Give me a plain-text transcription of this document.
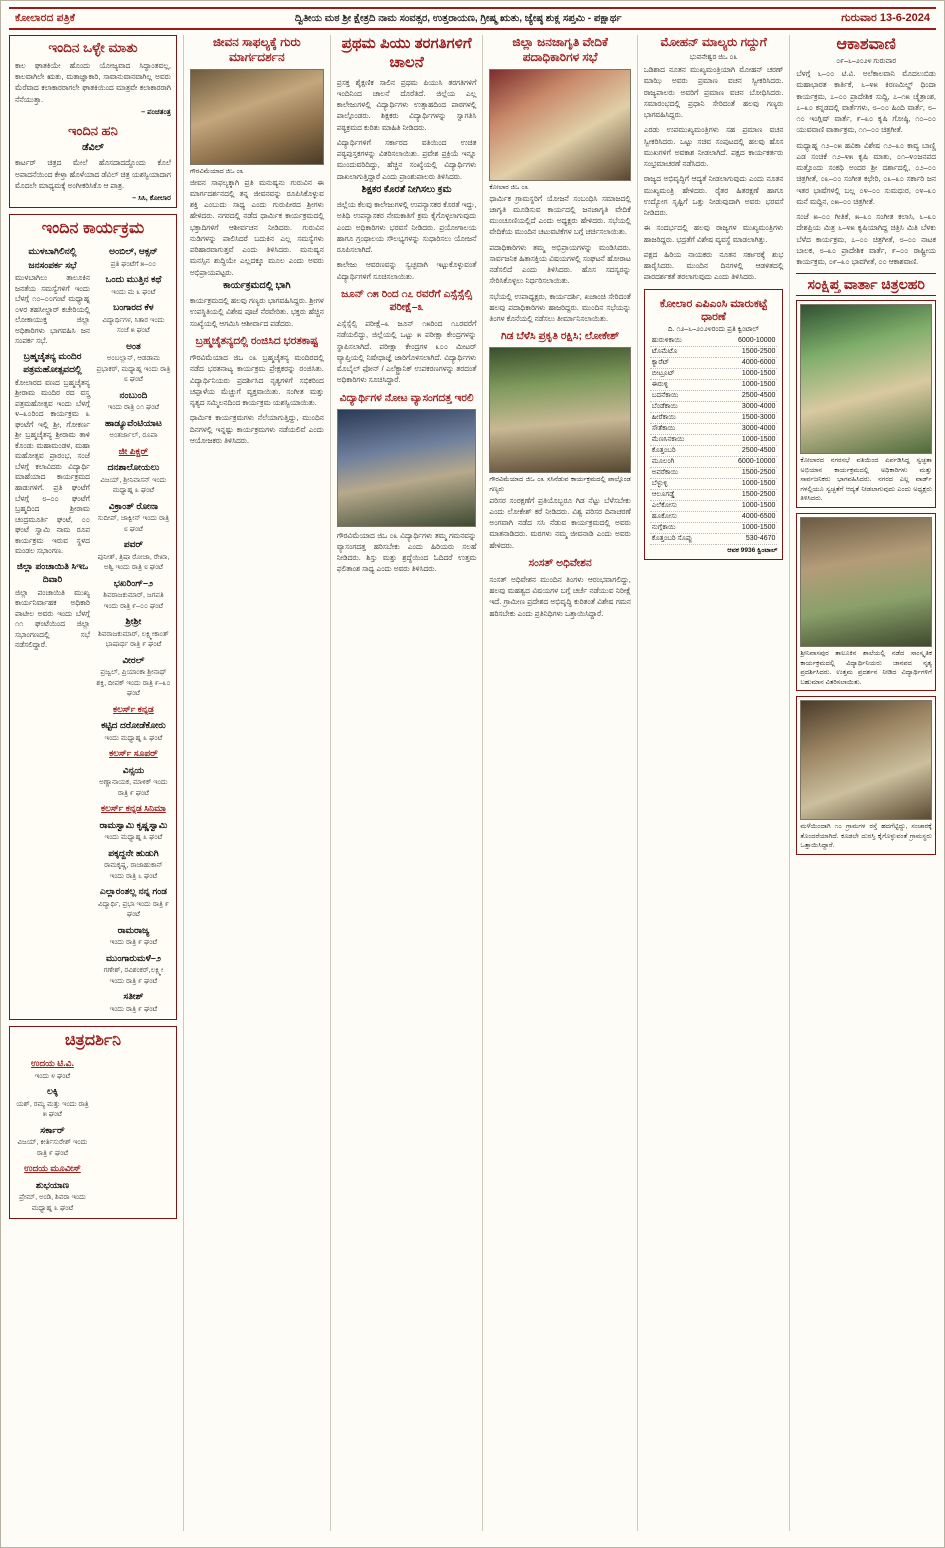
ಕೋಲಾರದ ಪತ್ರಿಕೆ	ದ್ವಿತೀಯ ಮಠ ಶ್ರೀ ಕ್ಷೇತ್ರದಿ ನಾಮ ಸಂವತ್ಸರ, ಉತ್ತರಾಯಣ, ಗ್ರೀಷ್ಮ ಋತು, ಜ್ಯೇಷ್ಠ ಶುಕ್ಲ ಸಪ್ತಮಿ - ಪಕ್ಷಾರ್ಥ	ಗುರುವಾರ 13-6-2024
ಇಂದಿನ ಒಳ್ಳೇ ಮಾತು
ಕಾಲ ಘಾತಕಿಯೇ ಹೊಂದು ಯೋಜ್ಯವಾದ ಸಿದ್ಧಾಂತವಲ್ಲ, ಕಾಲವಾಗಿಲೇ ಋತು, ಮತಾಜ್ಞಾಕಾರಿ, ಸಾವಾನುವಾನವಾಗಿಲ್ಲ ಅವರು ಮೆರೆವಾದ ಕಲಾಕಾರರಾಗಲೇ ಘಾತಕಿಯಿಂದ ಮಾತ್ರವೇ ಕಲಾಕಾರರಾಗಿ ನೆನೆಯುತ್ತಾ.
– ಪಂಚತಂತ್ರ
ಇಂದಿನ ಹನಿ
ಡೆವಿಲ್
ಕಾರ್ಟರ್ ಚಿತ್ರದ ಮೇಲೆ ಹೊಸದಾದದ್ದೊಂದು ಕೊಲೆ ಅಪಾದನೆಯಿಂದ ಕೇಳ್ತಾ ಹೊಳೆಯಾದ ಡೆವಿಲ್ ಚಿತ್ರ ಯಶಸ್ವಿಯಾದಾಗ ಮೊದಲೇ ಮಾಧ್ಯಮಕ್ಕೆ ಅಂಗೀಕರಿಸಿಕೊ ಆ ಪಾತ್ರ.
– ಸಿಸಿ, ಕೋಲಾರ
ಇಂದಿನ ಕಾರ್ಯಕ್ರಮ
ಮುಳಬಾಗಿಲಿನಲ್ಲಿ ಜನಸಂಪರ್ಕ ಸಭೆ
ಮುಳಬಾಗಿಲು ತಾಲೂಕಿನ ಜನತೆಯ ಸಮಸ್ಯೆಗಳಿಗೆ ಇಂದು ಬೆಳಗ್ಗೆ ೧೦–೦೦ಗಂಟೆ ಮಧ್ಯಾಹ್ನ ೦೪ರ ತಹಸೀಲ್ದಾರ್ ಕಚೇರಿಯಲ್ಲಿ ಲೋಕಾಯುಕ್ತ ಜಿಲ್ಲಾ ಅಧಿಕಾರಿಗಳು ಭಾಗವಹಿಸಿ ಜನ ಸಂಪರ್ಕ ಸಭೆ.
ಬ್ರಹ್ಮಚೈತನ್ಯ ಮಂದಿರ ಪತ್ರಮಹೋತ್ಸವದಲ್ಲಿ
ಕೋಲಾರದ ವಣದ ಬ್ರಹ್ಮಚೈತನ್ಯ ಶ್ರೀರಾಮ ಮಂದಿರ ರದ ವಸ್ತ್ರ ಪತ್ರಮಹೋತ್ಸವ ಇಂದು ಬೆಳಗ್ಗೆ ೪–೩೦ರಿಂದ ಕಾರ್ಯಕ್ರಮ ೩ ಘಂಟೆಗೆ ಇಲ್ಲಿ ಶ್ರೀ, ಗೋಕರ್ಣ ಶ್ರೀ ಬ್ರಹ್ಮಚೈತನ್ಯ ಶ್ರೀರಾಮ ತಾಳಿ ಕೊಂಡು ಮಹಾಮಂಡಳ, ಮಹಾ ಮಹೋತ್ಸವ ಪ್ರಾರಂಭ, ಸಂಜೆ ಬೆಳಗ್ಗೆ ಕಲಾವಿದರು ವಿದ್ಯಾರ್ಥಿ ಮಾಹೆಯಾದ ಕಾರ್ಯಕ್ರಮದ ಹಾಡುಗಳಿಗೆ. ಪ್ರತಿ ಘಂಟೆಗೆ ಬೆಳಗ್ಗೆ ೮–೦೦ ಘಂಟೆಗೆ ಬ್ರಹ್ಮದಿಂದ ಶ್ರೀರಾಮ ಚಂದ್ರಮೂರ್ತಿ ಘಂಟೆ, ೦೦ ಘಂಟೆ ಸ್ವಾಮಿ ನಾಮ ರೂಪ ಕಾರ್ಯಕ್ರಮ ಇರುವ ಸ್ಥಳದ ಮಂಡಲ ಸಭಾಂಗಣ.
ಜಿಲ್ಲಾ ಪಂಚಾಯಿತಿ ಸಿಇಒ ದಿವಾರಿ
ಜಿಲ್ಲಾ ಪಂಚಾಯಿತಿ ಮುಖ್ಯ ಕಾರ್ಯನಿರ್ವಾಹಕ ಅಧಿಕಾರಿ ಪಾಟೀಲ ಅವರು ಇಂದು ಬೆಳಗ್ಗೆ ೧೧ ಘಂಟೆಯಿಂದ ಜಿಲ್ಲಾ ಸಭಾಂಗಣದಲ್ಲಿ ಸಭೆ ನಡೆಸಲಿದ್ದಾರೆ.
ಅಂಬಿಲ್, ಆಕ್ಸನ್
ಪ್ರತಿ ಘಂಟೆಗೆ ೫–೦೦
ಒಂದು ಮುತ್ತಿನ ಕಥೆ
ಇಂದು ಮ ೩ ಘಂಟೆ
ಬಂಗಾರದ ಕೆಳ
ವಿದ್ಯಾರ್ಥಿಗಳ, ಸಿತಾರ ಇಂದು ಸಂಜೆ ೫ ಘಂಟೆ
ಅಂತ
ಅಂಬಲ್ಲಾನ್, ಆಡಡಾಮ ಪ್ರಭಾಕರ್, ಮಧ್ಯಾಹ್ನ ಇಂದು ರಾತ್ರಿ ೮ ಘಂಟೆ
ನಂಬುಂದಿ
ಇಂದು ರಾತ್ರಿ ೦೧ ಘಂಟೆ
ಹಾಡ್ಯೂವೆಂಟಿಯಾಟ
ಅಂತರ್ಜಾಲ್, ರೂಪಾ
ಜೀ ಪಿಕ್ಚರ್
ದನಶಾಲೋಯಲು
ವಿಜಯ್, ಶ್ರೀನಿವಾಸನ್ ಇಂದು ಮಧ್ಯಾಹ್ನ ೩ ಘಂಟೆ
ವಿಕ್ರಾಂತ್ ರೋನಾ
ಸುದೀಪ್, ಜಾಕ್ವೀನ್ ಇಂದು ರಾತ್ರಿ ೮ ಘಂಟೆ
ಪವರ್
ಪುನೀತ್, ತ್ರಿಷಾ ರೋಜಾ, ರೇಖಾ, ಅಶ್ವಿ ಇಂದು ರಾತ್ರಿ ೮ ಘಂಟೆ
ಭಖರಿಂಗ್–೨
ಶಿವರಾಜಕುಮಾರ್, ಜಗಪತಿ ಇಂದು ರಾತ್ರಿ ೯–೦೦ ಘಂಟೆ
ಶ್ರೀಶ್ರೀ
ಶಿವರಾಜಕುಮಾರ್, ಲಕ್ಷ್ಮೀಕಾಂತ್ ಭಾಷಾರ್ಥ ರಾತ್ರಿ ೯ ಘಂಟೆ
ವೀರಲ್
ಪ್ರಜ್ವಲ್, ಪ್ರಿಯಾಂಕಾ ಶ್ರೀನಾಥ್ ಶಕ್ತಿ, ದೀಪಕ್ ಇಂದು ರಾತ್ರಿ ೯–೩೦ ಘಂಟೆ
ಕಲರ್ಸ್ ಕನ್ನಡ
ಕಟ್ಟಿದ ದರೋಡೆಕೋರು
ಇಂದು ಮಧ್ಯಾಹ್ನ ೩ ಘಂಟೆ
ಕಲರ್ಸ್ ಸೂಪರ್
ವಿನ್ಸಯ
ಅಣ್ಣಾನಾಯಕ, ಮಾಳಿಕ್ ಇಂದು ರಾತ್ರಿ ೯ ಘಂಟೆ
ಕಲರ್ಸ್ ಕನ್ನಡ ಸಿನಿಮಾ
ರಾಮಸ್ವಾಮಿ ಕೃಷ್ಣಸ್ವಾಮಿ
ಇಂದು ಮಧ್ಯಾಹ್ನ ೩ ಘಂಟೆ
ಪಕ್ಕದ್ದನೇ ಹುಡುಗಿ
ರಾಮಕೃಷ್ಣ, ರಾಜಾಹುಕಾನ್ ಇಂದು ರಾತ್ರಿ ೬ ಘಂಟೆ
ಎಲ್ಲಾರಂತಲ್ಲ ನನ್ನ ಗಂಡ
ವಿದ್ಯಾರ್ಥಿ, ಪ್ರಭಾ ಇಂದು ರಾತ್ರಿ ೯ ಘಂಟೆ
ರಾಮರಾಜ್ಯ
ಇಂದು ರಾತ್ರಿ ೯ ಘಂಟೆ
ಮುಂಗಾರುಮಳೆ–೨
ಗಣೇಶ್, ರವಿಶಂಕರ್,ಲಕ್ಷ್ಮೀ ಇಂದು ರಾತ್ರಿ ೯ ಘಂಟೆ
ಸತೀಶ್
ಇಂದು ರಾತ್ರಿ ೯ ಘಂಟೆ
ಚಿತ್ರದರ್ಶಿನಿ
ಉದಯ ಟಿ.ವಿ.
ಇಂದು ೪ ಘಂಟೆ
ಲಕ್ಕಿ
ಯಶ್, ರಮ್ಯ ಮತ್ತು ಇಂದು ರಾತ್ರಿ ೫ ಘಂಟೆ
ಸರ್ಕಾರ್
ವಿಜಯ್, ಕೀರ್ತಿಸುರೇಶ್ ಇಂದು ರಾತ್ರಿ ೯ ಘಂಟೆ
ಉದಯ ಮೂವೀಸ್
ಶುಭಯಾಣ
ಪ್ರೇಮ್, ಅಂಡಿ, ಶಿವರಾ ಇಂದು ಮಧ್ಯಾಹ್ನ ೩ ಘಂಟೆ
ಜೀವನ ಸಾಫಲ್ಯಕ್ಕೆ ಗುರು ಮಾರ್ಗದರ್ಶನ
ಗೌರವಿಮೆಯಾದ ಜಿಒ ೦೩
ಜೀವನ ಸಾಫಲ್ಯಕ್ಕಾಗಿ ಪ್ರತಿ ಮನುಷ್ಯನು ಗುರುವಿನ ಈ ಮಾರ್ಗದರ್ಶನದಲ್ಲಿ ತನ್ನ ಜೀವನವನ್ನು ರೂಪಿಸಿಕೊಳ್ಳುವ ಶಕ್ತಿ ಎಂಬುದು ಸಾಧ್ಯ ಎಂದು ಗುರುಪೀಠದ ಶ್ರೀಗಳು ಹೇಳಿದರು. ನಗರದಲ್ಲಿ ನಡೆದ ಧಾರ್ಮಿಕ ಕಾರ್ಯಕ್ರಮದಲ್ಲಿ ಭಕ್ತಾದಿಗಳಿಗೆ ಆಶೀರ್ವಚನ ನೀಡಿದರು. ಗುರುವಿನ ನುಡಿಗಳನ್ನು ಪಾಲಿಸಿದರೆ ಬದುಕಿನ ಎಲ್ಲ ಸಮಸ್ಯೆಗಳು ಪರಿಹಾರವಾಗುತ್ತವೆ ಎಂದು ತಿಳಿಸಿದರು. ಮನುಷ್ಯನ ಮನಸ್ಸಿನ ಶುದ್ಧಿಯೇ ಎಲ್ಲದಕ್ಕೂ ಮೂಲ ಎಂದು ಅವರು ಅಭಿಪ್ರಾಯಪಟ್ಟರು.
ಕಾರ್ಯಕ್ರಮದಲ್ಲಿ ಭಾಗಿ
ಕಾರ್ಯಕ್ರಮದಲ್ಲಿ ಹಲವು ಗಣ್ಯರು ಭಾಗವಹಿಸಿದ್ದರು. ಶ್ರೀಗಳ ಉಪಸ್ಥಿತಿಯಲ್ಲಿ ವಿಶೇಷ ಪೂಜೆ ನೆರವೇರಿತು. ಭಕ್ತರು ಹೆಚ್ಚಿನ ಸಂಖ್ಯೆಯಲ್ಲಿ ಆಗಮಿಸಿ ಆಶೀರ್ವಾದ ಪಡೆದರು.
ಬ್ರಹ್ಮಚೈತನ್ಯದಲ್ಲಿ ರಂಜಿಸಿದ ಭರತಕಾಷ್ಟ
ಗೌರವಿಮೆಯಾದ ಜಿಒ ೦೩ ಬ್ರಹ್ಮಚೈತನ್ಯ ಮಂದಿರದಲ್ಲಿ ನಡೆದ ಭರತನಾಟ್ಯ ಕಾರ್ಯಕ್ರಮ ಪ್ರೇಕ್ಷಕರನ್ನು ರಂಜಿಸಿತು. ವಿದ್ಯಾರ್ಥಿನಿಯರು ಪ್ರದರ್ಶಿಸಿದ ನೃತ್ಯಗಳಿಗೆ ಸಭಿಕರಿಂದ ಚಪ್ಪಾಳೆಯ ಮೆಚ್ಚುಗೆ ವ್ಯಕ್ತವಾಯಿತು. ಸಂಗೀತ ಮತ್ತು ನೃತ್ಯದ ಸಮ್ಮಿಲನದಿಂದ ಕಾರ್ಯಕ್ರಮ ಯಶಸ್ವಿಯಾಯಿತು.
ಧಾರ್ಮಿಕ ಕಾರ್ಯಕ್ರಮಗಳು ನೆಲೆಯಾಗುತ್ತಿದ್ದು, ಮುಂದಿನ ದಿನಗಳಲ್ಲಿ ಇನ್ನಷ್ಟು ಕಾರ್ಯಕ್ರಮಗಳು ನಡೆಯಲಿವೆ ಎಂದು ಆಯೋಜಕರು ತಿಳಿಸಿದರು.
ಪ್ರಥಮ ಪಿಯು ತರಗತಿಗಳಿಗೆ ಚಾಲನೆ
ಪ್ರಸಕ್ತ ಶೈಕ್ಷಣಿಕ ಸಾಲಿನ ಪ್ರಥಮ ಪಿಯುಸಿ ತರಗತಿಗಳಿಗೆ ಇಂದಿನಿಂದ ಚಾಲನೆ ದೊರೆತಿದೆ. ಜಿಲ್ಲೆಯ ಎಲ್ಲ ಕಾಲೇಜುಗಳಲ್ಲಿ ವಿದ್ಯಾರ್ಥಿಗಳು ಉತ್ಸಾಹದಿಂದ ಪಾಠಗಳಲ್ಲಿ ಪಾಲ್ಗೊಂಡರು. ಶಿಕ್ಷಕರು ವಿದ್ಯಾರ್ಥಿಗಳನ್ನು ಸ್ವಾಗತಿಸಿ ಪಠ್ಯಕ್ರಮದ ಕುರಿತು ಮಾಹಿತಿ ನೀಡಿದರು.
ವಿದ್ಯಾರ್ಥಿಗಳಿಗೆ ಸರ್ಕಾರದ ವತಿಯಿಂದ ಉಚಿತ ಪಠ್ಯಪುಸ್ತಕಗಳನ್ನು ವಿತರಿಸಲಾಯಿತು. ಪ್ರವೇಶ ಪ್ರಕ್ರಿಯೆ ಇನ್ನೂ ಮುಂದುವರಿದಿದ್ದು, ಹೆಚ್ಚಿನ ಸಂಖ್ಯೆಯಲ್ಲಿ ವಿದ್ಯಾರ್ಥಿಗಳು ದಾಖಲಾಗುತ್ತಿದ್ದಾರೆ ಎಂದು ಪ್ರಾಂಶುಪಾಲರು ತಿಳಿಸಿದರು.
ಶಿಕ್ಷಕರ ಕೊರತೆ ನೀಗಿಸಲು ಕ್ರಮ
ಜಿಲ್ಲೆಯ ಕೆಲವು ಕಾಲೇಜುಗಳಲ್ಲಿ ಉಪನ್ಯಾಸಕರ ಕೊರತೆ ಇದ್ದು, ಅತಿಥಿ ಉಪನ್ಯಾಸಕರ ನೇಮಕಾತಿಗೆ ಕ್ರಮ ಕೈಗೊಳ್ಳಲಾಗುವುದು ಎಂದು ಅಧಿಕಾರಿಗಳು ಭರವಸೆ ನೀಡಿದರು. ಪ್ರಯೋಗಾಲಯ ಹಾಗೂ ಗ್ರಂಥಾಲಯ ಸೌಲಭ್ಯಗಳನ್ನು ಸುಧಾರಿಸಲು ಯೋಜನೆ ರೂಪಿಸಲಾಗಿದೆ.
ಕಾಲೇಜು ಆವರಣವನ್ನು ಸ್ವಚ್ಛವಾಗಿ ಇಟ್ಟುಕೊಳ್ಳುವಂತೆ ವಿದ್ಯಾರ್ಥಿಗಳಿಗೆ ಸೂಚಿಸಲಾಯಿತು.
ಜೂನ್ ೧೫ ರಿಂದ ೧೭ ರವರೆಗೆ ಎಸ್ಸೆಸ್ಸೆಲ್ಸಿ ಪರೀಕ್ಷೆ–೩
ಎಸ್ಸೆಸ್ಸೆಲ್ಸಿ ಪರೀಕ್ಷೆ–೩ ಜೂನ್ ೧೫ರಿಂದ ೧೭ರವರೆಗೆ ನಡೆಯಲಿದ್ದು, ಜಿಲ್ಲೆಯಲ್ಲಿ ಒಟ್ಟು ೫ ಪರೀಕ್ಷಾ ಕೇಂದ್ರಗಳನ್ನು ಸ್ಥಾಪಿಸಲಾಗಿದೆ. ಪರೀಕ್ಷಾ ಕೇಂದ್ರಗಳ ೩೦೦ ಮೀಟರ್ ವ್ಯಾಪ್ತಿಯಲ್ಲಿ ನಿಷೇಧಾಜ್ಞೆ ಜಾರಿಗೊಳಿಸಲಾಗಿದೆ. ವಿದ್ಯಾರ್ಥಿಗಳು ಮೊಬೈಲ್ ಫೋನ್ / ಎಲೆಕ್ಟ್ರಾನಿಕ್ ಉಪಕರಣಗಳನ್ನು ತರದಂತೆ ಅಧಿಕಾರಿಗಳು ಸೂಚಿಸಿದ್ದಾರೆ.
ವಿದ್ಯಾರ್ಥಿಗಳ ನೋಟ ವ್ಯಾಸಂಗದತ್ತ ಇರಲಿ
ಗೌರವಿಮೆಯಾದ ಜಿಒ ೦೩ ವಿದ್ಯಾರ್ಥಿಗಳು ತಮ್ಮ ಗಮನವನ್ನು ವ್ಯಾಸಂಗದತ್ತ ಹರಿಸಬೇಕು ಎಂದು ಹಿರಿಯರು ಸಲಹೆ ನೀಡಿದರು. ಶಿಸ್ತು ಮತ್ತು ಶ್ರದ್ಧೆಯಿಂದ ಓದಿದರೆ ಉತ್ತಮ ಫಲಿತಾಂಶ ಸಾಧ್ಯ ಎಂದು ಅವರು ತಿಳಿಸಿದರು.
ಜಿಲ್ಲಾ ಜನಜಾಗೃತಿ ವೇದಿಕೆ ಪದಾಧಿಕಾರಿಗಳ ಸಭೆ
ಕೋಲಾರ ಜಿಒ ೦೩
ಧಾರ್ಮಿಕ ಗ್ರಾಮಸ್ಥರಿಗೆ ಯೋಜನೆ ಸಂಬಂಧಿಸಿ ಸಮಾಜದಲ್ಲಿ ಜಾಗೃತಿ ಮೂಡಿಸುವ ಕಾರ್ಯದಲ್ಲಿ ಜನಜಾಗೃತಿ ವೇದಿಕೆ ಮುಂಚೂಣಿಯಲ್ಲಿದೆ ಎಂದು ಅಧ್ಯಕ್ಷರು ಹೇಳಿದರು. ಸಭೆಯಲ್ಲಿ ವೇದಿಕೆಯ ಮುಂದಿನ ಚಟುವಟಿಕೆಗಳ ಬಗ್ಗೆ ಚರ್ಚಿಸಲಾಯಿತು.
ಪದಾಧಿಕಾರಿಗಳು ತಮ್ಮ ಅಭಿಪ್ರಾಯಗಳನ್ನು ಮಂಡಿಸಿದರು. ಸಾರ್ವಜನಿಕ ಹಿತಾಸಕ್ತಿಯ ವಿಷಯಗಳಲ್ಲಿ ಸಂಘಟನೆ ಹೋರಾಟ ನಡೆಸಲಿದೆ ಎಂದು ತಿಳಿಸಿದರು. ಹೊಸ ಸದಸ್ಯರನ್ನು ಸೇರಿಸಿಕೊಳ್ಳಲು ನಿರ್ಧರಿಸಲಾಯಿತು.
ಸಭೆಯಲ್ಲಿ ಉಪಾಧ್ಯಕ್ಷರು, ಕಾರ್ಯದರ್ಶಿ, ಖಜಾಂಚಿ ಸೇರಿದಂತೆ ಹಲವು ಪದಾಧಿಕಾರಿಗಳು ಹಾಜರಿದ್ದರು. ಮುಂದಿನ ಸಭೆಯನ್ನು ತಿಂಗಳ ಕೊನೆಯಲ್ಲಿ ನಡೆಸಲು ತೀರ್ಮಾನಿಸಲಾಯಿತು.
ಗಿಡ ಬೆಳೆಸಿ ಪ್ರಕೃತಿ ರಕ್ಷಿಸಿ; ಲೋಕೇಶ್
ಗೌರವಿಮೆಯಾದ ಜಿಒ ೦೩ ಸಸಿನೆಡುವ ಕಾರ್ಯಕ್ರಮದಲ್ಲಿ ಪಾಲ್ಗೊಂಡ ಗಣ್ಯರು
ಪರಿಸರ ಸಂರಕ್ಷಣೆಗೆ ಪ್ರತಿಯೊಬ್ಬರೂ ಗಿಡ ನೆಟ್ಟು ಬೆಳೆಸಬೇಕು ಎಂದು ಲೋಕೇಶ್ ಕರೆ ನೀಡಿದರು. ವಿಶ್ವ ಪರಿಸರ ದಿನಾಚರಣೆ ಅಂಗವಾಗಿ ನಡೆದ ಸಸಿ ನೆಡುವ ಕಾರ್ಯಕ್ರಮದಲ್ಲಿ ಅವರು ಮಾತನಾಡಿದರು. ಮರಗಳು ನಮ್ಮ ಜೀವನಾಡಿ ಎಂದು ಅವರು ಹೇಳಿದರು.
ಸಂಸತ್ ಅಧಿವೇಶನ
ಸಂಸತ್ ಅಧಿವೇಶನ ಮುಂದಿನ ತಿಂಗಳು ಆರಂಭವಾಗಲಿದ್ದು, ಹಲವು ಮಹತ್ವದ ವಿಷಯಗಳ ಬಗ್ಗೆ ಚರ್ಚೆ ನಡೆಯುವ ನಿರೀಕ್ಷೆ ಇದೆ. ಗ್ರಾಮೀಣ ಪ್ರದೇಶದ ಅಭಿವೃದ್ಧಿ ಕುರಿತಂತೆ ವಿಶೇಷ ಗಮನ ಹರಿಸಬೇಕು ಎಂದು ಪ್ರತಿನಿಧಿಗಳು ಒತ್ತಾಯಿಸಿದ್ದಾರೆ.
ಮೋಹನ್ ಮಾಲ್ಯರು ಗದ್ದುಗೆ
ಭುವನೇಶ್ವರ ಜಿಒ ೦೩
ಒಡಿಶಾದ ನೂತನ ಮುಖ್ಯಮಂತ್ರಿಯಾಗಿ ಮೋಹನ್ ಚರಣ್ ಮಾಝಿ ಅವರು ಪ್ರಮಾಣ ವಚನ ಸ್ವೀಕರಿಸಿದರು. ರಾಜ್ಯಪಾಲರು ಅವರಿಗೆ ಪ್ರಮಾಣ ವಚನ ಬೋಧಿಸಿದರು. ಸಮಾರಂಭದಲ್ಲಿ ಪ್ರಧಾನಿ ಸೇರಿದಂತೆ ಹಲವು ಗಣ್ಯರು ಭಾಗವಹಿಸಿದ್ದರು.
ಎರಡು ಉಪಮುಖ್ಯಮಂತ್ರಿಗಳು ಸಹ ಪ್ರಮಾಣ ವಚನ ಸ್ವೀಕರಿಸಿದರು. ಒಟ್ಟು ಸಚಿವ ಸಂಪುಟದಲ್ಲಿ ಹಲವು ಹೊಸ ಮುಖಗಳಿಗೆ ಅವಕಾಶ ನೀಡಲಾಗಿದೆ. ಪಕ್ಷದ ಕಾರ್ಯಕರ್ತರು ಸಂಭ್ರಮಾಚರಣೆ ನಡೆಸಿದರು.
ರಾಜ್ಯದ ಅಭಿವೃದ್ಧಿಗೆ ಆದ್ಯತೆ ನೀಡಲಾಗುವುದು ಎಂದು ನೂತನ ಮುಖ್ಯಮಂತ್ರಿ ಹೇಳಿದರು. ರೈತರ ಹಿತರಕ್ಷಣೆ ಹಾಗೂ ಉದ್ಯೋಗ ಸೃಷ್ಟಿಗೆ ಒತ್ತು ನೀಡುವುದಾಗಿ ಅವರು ಭರವಸೆ ನೀಡಿದರು.
ಈ ಸಂದರ್ಭದಲ್ಲಿ ಹಲವು ರಾಜ್ಯಗಳ ಮುಖ್ಯಮಂತ್ರಿಗಳು ಹಾಜರಿದ್ದರು. ಭದ್ರತೆಗೆ ವಿಶೇಷ ವ್ಯವಸ್ಥೆ ಮಾಡಲಾಗಿತ್ತು.
ಪಕ್ಷದ ಹಿರಿಯ ನಾಯಕರು ನೂತನ ಸರ್ಕಾರಕ್ಕೆ ಶುಭ ಹಾರೈಸಿದರು. ಮುಂದಿನ ದಿನಗಳಲ್ಲಿ ಆಡಳಿತದಲ್ಲಿ ಪಾರದರ್ಶಕತೆ ತರಲಾಗುವುದು ಎಂದು ತಿಳಿಸಿದರು.
ಕೋಲಾರ ಎಪಿಎಂಸಿ ಮಾರುಕಟ್ಟೆ ಧಾರಣೆ
ದಿ. ೧೨–೬–೨೦೨೪ರಂದು ಪ್ರತಿ ಕ್ವಿಂಟಾಲ್
ಹುರುಳಿಕಾಯಿ	6000-10000
ಟೊಮೆಟೊ	1500-2500
ಕ್ಯಾರೆಟ್	4000-6000
ಬೀಟ್ರೂಟ್	1000-1500
ಈರುಳ್ಳಿ	1000-1500
ಬದನೆಕಾಯಿ	2500-4500
ಬೆಂಡೆಕಾಯಿ	3000-4000
ಹೀರೆಕಾಯಿ	1500-3000
ಸೌತೆಕಾಯಿ	3000-4000
ಮೆಣಸಿನಕಾಯಿ	1000-1500
ಕೊತ್ತಂಬರಿ	2500-4500
ಮೂಲಂಗಿ	6000-10000
ಅವರೆಕಾಯಿ	1500-2500
ಬೆಳ್ಳುಳ್ಳಿ	1000-1500
ಆಲೂಗಡ್ಡೆ	1500-2500
ಎಲೆಕೋಸು	1000-1500
ಹೂಕೋಸು	4000-6500
ನುಗ್ಗೆಕಾಯಿ	1000-1500
ಕೊತ್ತಂಬರಿ ಸೊಪ್ಪು	530-4670
ಆವಕ 9936 ಕ್ವಿಂಟಾಲ್
ಆಕಾಶವಾಣಿ
೦೯–೬–೨೦೨೪ ಗುರುವಾರ
ಬೆಳಗ್ಗೆ ೬–೦೦ ಟಿ.ವಿ. ಅಲೆಕಾಲವಾನಿ ಮೊದಲುಬಿಡು ಮಹಾಭಾರತ ಕಾರ್ತಿಕೆ, ೬–೪೫ ಕಿರಣಮಿಲ್ಡ್ ಧಿಂದಾ ಕಾರ್ಯಕ್ರಮ, ೭–೦೦ ಪ್ರಾದೇಶಿಕ ಸುದ್ದಿ, ೭–೧೫ ಚೈತ್ರಾಂಶ, ೭–೩೦ ಕನ್ನಡದಲ್ಲಿ ವಾರ್ತೆಗಳು, ೮–೦೦ ಹಿಂದಿ ವಾರ್ತೆ, ೮–೧೦ ಇಂಗ್ಲಿಷ್ ವಾರ್ತೆ, ೯–೩೦ ಕೃಷಿ ಗೋಷ್ಠಿ, ೧೦–೦೦ ಯುವವಾಣಿ ವಾರ್ತಾಕ್ರಮ, ೧೧–೦೦ ಚಿತ್ರಗೀತೆ.
ಮಧ್ಯಾಹ್ನ ೧೨–೦೫ ಹವಿಕಾ ವಿಶೇಷ ೧೨–೩೦ ಕಾವ್ಯ ಬಾಣ್ಣಿ ಎಡ ಸಂಚಿಕೆ ೧೨–೪೫ ಕೃಷಿ ಮಾತು, ೦೧–೪೦ಜನಪದ ಮತ್ತೊಂದು ಸಂಕಥಿ ಅಂದರ ಶ್ರೀ ದರ್ಶಾದಲ್ಲಿ, ೦೨–೦೦ ಚಿತ್ರಗೀತೆ, ೦೩–೦೦ ಸಂಗೀತ ಕಛೇರಿ, ೦೩–೩೦ ಸರ್ಕಾರಿ ಜನ ಇತರ ಭಾಷೆಗಳಲ್ಲಿ ಬಲ್ಲ ೦೪–೦೦ ಸುಮಧುರ, ೦೪–೩೦ ಮನೆ ಮದ್ದಿನ, ೦೫–೦೦ ಚಿತ್ರಗೀತೆ.
ಸಂಜೆ ೫–೦೦ ಗೀತಿಕೆ, ೫–೩೦ ಸಂಗೀತ ಕಲಾಸಿ, ೬–೩೦ ದೇಶಪ್ರಿಯ ಮಿತ್ರ ೬–೪೫ ಕೃಷಿಯಾಗಿದ್ದ ಚಿತ್ರಿಸಿ ಮಿತಿ ಬೆಳಕು ಬೆಳೆದ ಕಾರ್ಯಕ್ರಮ, ೭–೦೦ ಚಿತ್ರಗೀತೆ, ೮–೦೦ ನಾಟಕ ಬಾಲಕ, ೮–೩೦ ಪ್ರಾದೇಶಿಕ ವಾರ್ತೆ, ೯–೦೦ ರಾಷ್ಟ್ರೀಯ ಕಾರ್ಯಕ್ರಮ, ೦೯–೩೦ ಭಾವಗೀತೆ, ೦೦ ಆಕಾಶವಾಣಿ.
ಸಂಕ್ಷಿಪ್ತ ವಾರ್ತಾ ಚಿತ್ರಲಹರಿ
ಕೋಲಾರದ ನಗರಸಭೆ ವತಿಯಿಂದ ಏರ್ಪಡಿಸಿದ್ದ ಸ್ವಚ್ಛತಾ ಅಭಿಯಾನ ಕಾರ್ಯಕ್ರಮದಲ್ಲಿ ಅಧಿಕಾರಿಗಳು ಮತ್ತು ಸಾರ್ವಜನಿಕರು ಭಾಗವಹಿಸಿದರು. ನಗರದ ಎಲ್ಲ ವಾರ್ಡ್ ಗಳಲ್ಲಿಯೂ ಸ್ವಚ್ಛತೆಗೆ ಆದ್ಯತೆ ನೀಡಲಾಗುವುದು ಎಂದು ಅಧ್ಯಕ್ಷರು ತಿಳಿಸಿದರು.
ಶ್ರೀನಿವಾಸಪುರ ತಾಲೂಕಿನ ಶಾಲೆಯಲ್ಲಿ ನಡೆದ ಸಾಂಸ್ಕೃತಿಕ ಕಾರ್ಯಕ್ರಮದಲ್ಲಿ ವಿದ್ಯಾರ್ಥಿನಿಯರು ಜಾನಪದ ನೃತ್ಯ ಪ್ರದರ್ಶಿಸಿದರು. ಉತ್ತಮ ಪ್ರದರ್ಶನ ನೀಡಿದ ವಿದ್ಯಾರ್ಥಿಗಳಿಗೆ ಬಹುಮಾನ ವಿತರಿಸಲಾಯಿತು.
ಮಳೆಯಿಂದಾಗಿ ೧೦ ಗ್ರಾಮಗಳ ರಸ್ತೆ ಹದಗೆಟ್ಟಿದ್ದು, ಸಂಚಾರಕ್ಕೆ ತೊಂದರೆಯಾಗಿದೆ. ಕೂಡಲೇ ದುರಸ್ತಿ ಕೈಗೊಳ್ಳುವಂತೆ ಗ್ರಾಮಸ್ಥರು ಒತ್ತಾಯಿಸಿದ್ದಾರೆ.
